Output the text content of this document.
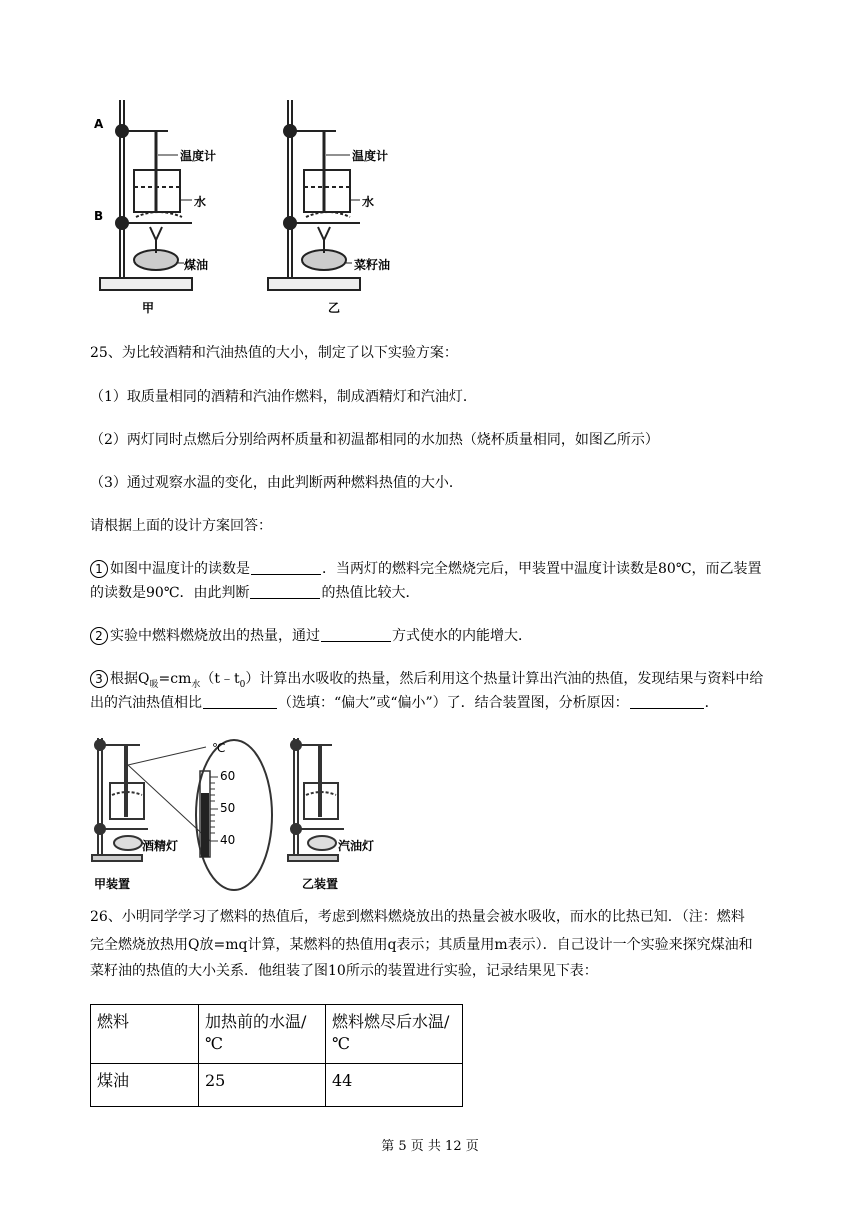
A
B
温度计
水
煤油
甲
温度计
水
菜籽油
乙
25、为比较酒精和汽油热值的大小，制定了以下实验方案：
（1）取质量相同的酒精和汽油作燃料，制成酒精灯和汽油灯．
（2）两灯同时点燃后分别给两杯质量和初温都相同的水加热（烧杯质量相同，如图乙所示）
（3）通过观察水温的变化，由此判断两种燃料热值的大小．
请根据上面的设计方案回答：
1 如图中温度计的读数是	．当两灯的燃料完全燃烧完后，甲装置中温度计读数是80℃，而乙装置
的读数是90℃．由此判断	的热值比较大．
2 实验中燃料燃烧放出的热量，通过	方式使水的内能增大．
3 根据$Q_吸=cm_水(t﹣t_0)$计算出水吸收的热量，然后利用这个热量计算出汽油的热值，发现结果与资料中给
出的汽油热值相比	（选填：“偏大”或“偏小”）了．结合装置图，分析原因：	．
℃
60
50
40
酒精灯	汽油灯
甲装置	乙装置
26、小明同学学习了燃料的热值后，考虑到燃料燃烧放出的热量会被水吸收，而水的比热已知．（注：燃料
完全燃烧放热用Q放=mq计算，某燃料的热值用q表示；其质量用m表示）．自己设计一个实验来探究煤油和
菜籽油的热值的大小关系．他组装了图10所示的装置进行实验，记录结果见下表：
燃料	加热前的水温/℃	燃料燃尽后水温/℃
煤油	25	44
第 5 页 共 12 页
